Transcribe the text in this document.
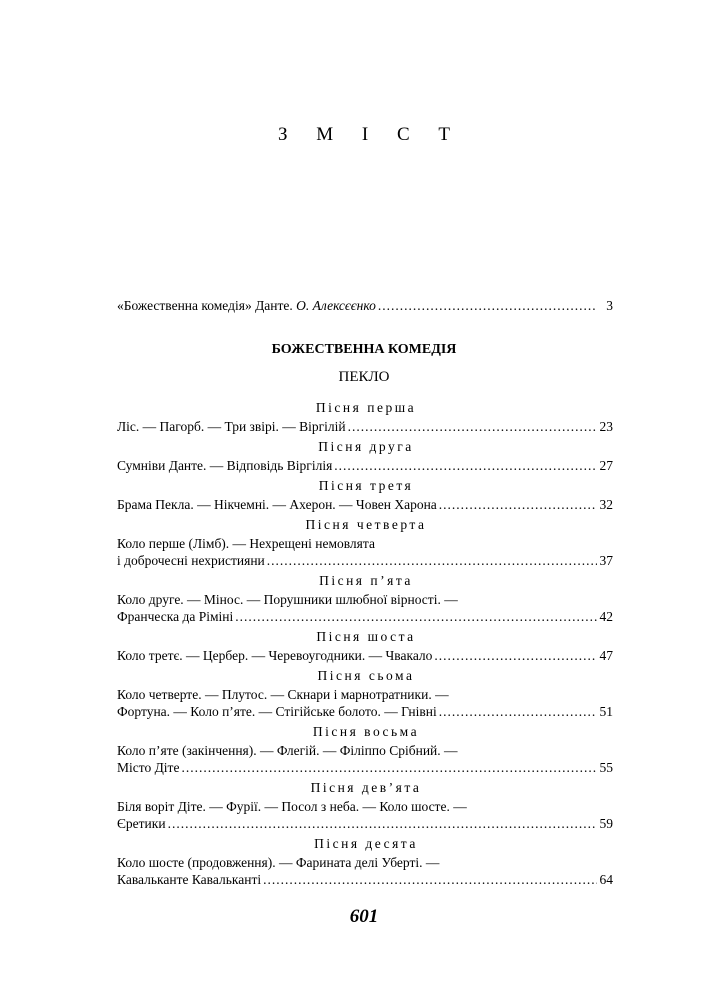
З М І С Т
«Божественна комедія» Данте. О. Алексєєнко .....	3
БОЖЕСТВЕННА КОМЕДІЯ
ПЕКЛО
Пісня перша
Ліс. — Пагорб. — Три звірі. — Віргілій .....	23
Пісня друга
Сумніви Данте. — Відповідь Віргілія .....	27
Пісня третя
Брама Пекла. — Нікчемні. — Ахерон. — Човен Харона .....	32
Пісня четверта
Коло перше (Лімб). — Нехрещені немовлята
і доброчесні нехристияни .....	37
Пісня п’ята
Коло друге. — Мінос. — Порушники шлюбної вірності. —
Франческа да Ріміні .....	42
Пісня шоста
Коло третє. — Цербер. — Черевоугодники. — Чвакало .....	47
Пісня сьома
Коло четверте. — Плутос. — Скнари і марнотратники. —
Фортуна. — Коло п’яте. — Стігійське болото. — Гнівні .....	51
Пісня восьма
Коло п’яте (закінчення). — Флегій. — Філіппо Срібний. —
Місто Діте .....	55
Пісня дев’ята
Біля воріт Діте. — Фурії. — Посол з неба. — Коло шосте. —
Єретики .....	59
Пісня десята
Коло шосте (продовження). — Фарината делі Уберті. —
Кавальканте Кавальканті .....	64
601
